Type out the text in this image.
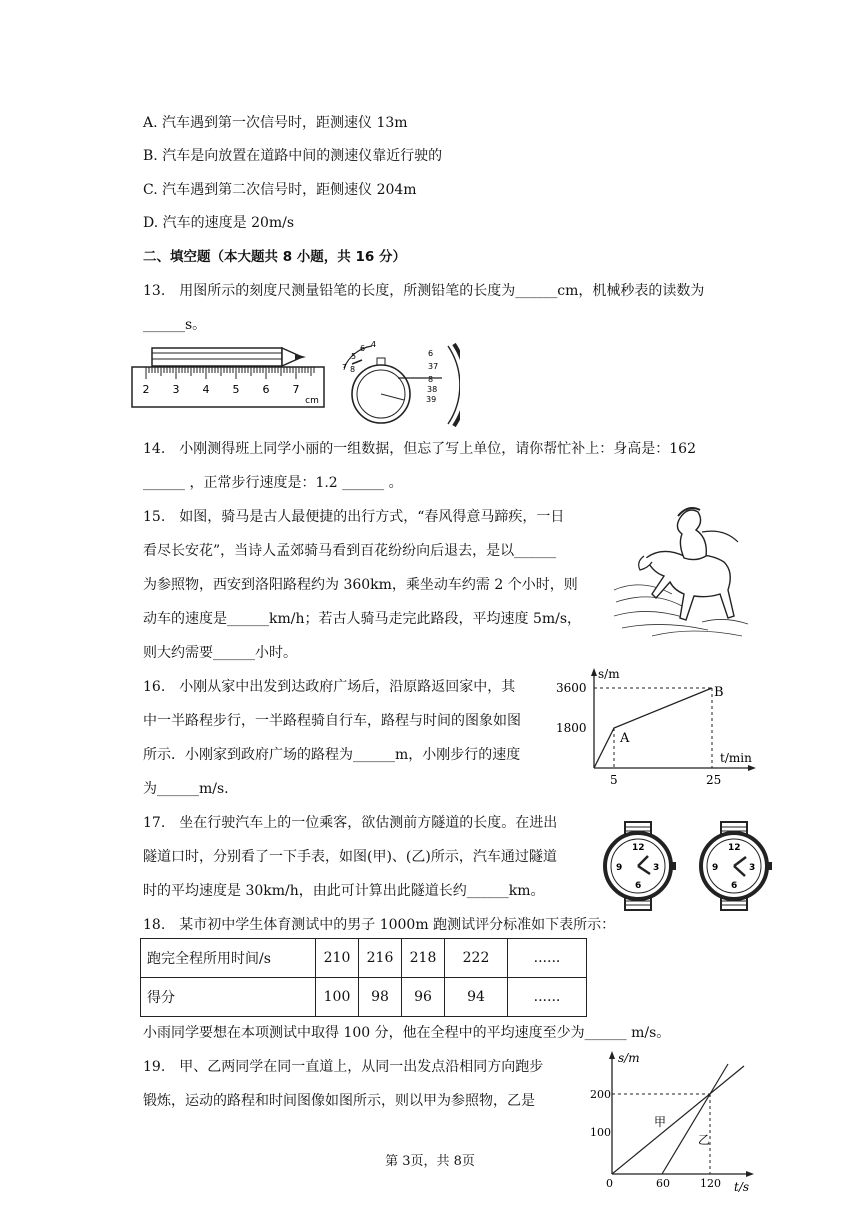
A. 汽车遇到第一次信号时，距测速仪 13m
B. 汽车是向放置在道路中间的测速仪靠近行驶的
C. 汽车遇到第二次信号时，距侧速仪 204m
D. 汽车的速度是 20m/s
二、填空题（本大题共 8 小题，共 16 分）
13.　用图所示的刻度尺测量铅笔的长度，所测铅笔的长度为______cm，机械秒表的读数为
______s。
2 3 4 5 6 7
cm
6
5
4
7 8
6
37
8
38
39
14.　小刚测得班上同学小丽的一组数据，但忘了写上单位，请你帮忙补上：身高是：162
______ ，正常步行速度是：1.2 ______ 。
15.　如图，骑马是古人最便捷的出行方式，“春风得意马蹄疾，一日
看尽长安花”，当诗人孟郊骑马看到百花纷纷向后退去，是以______
为参照物，西安到洛阳路程约为 360km，乘坐动车约需 2 个小时，则
动车的速度是______km/h；若古人骑马走完此路段，平均速度 5m/s，
则大约需要______小时。
16.　小刚从家中出发到达政府广场后，沿原路返回家中，其
中一半路程步行，一半路程骑自行车，路程与时间的图象如图
所示．小刚家到政府广场的路程为______m，小刚步行的速度
为______m/s.
s/m
t/min
3600
1800
5	25
A
B
17.　坐在行驶汽车上的一位乘客，欲估测前方隧道的长度。在进出
隧道口时，分别看了一下手表，如图(甲)、(乙)所示，汽车通过隧道
时的平均速度是 30km/h，由此可计算出此隧道长约______km。
12
3
6
9
12
3
6
9
18.　某市初中学生体育测试中的男子 1000m 跑测试评分标准如下表所示：
跑完全程所用时间/s	210	216	218	222	......
得分	100	98	96	94	......
小雨同学要想在本项测试中取得 100 分，他在全程中的平均速度至少为______ m/s。
19.　甲、乙两同学在同一直道上，从同一出发点沿相同方向跑步
锻炼，运动的路程和时间图像如图所示，则以甲为参照物，乙是
s/m
t/s
200
100
0	60	120
甲
乙
第 3页，共 8页
